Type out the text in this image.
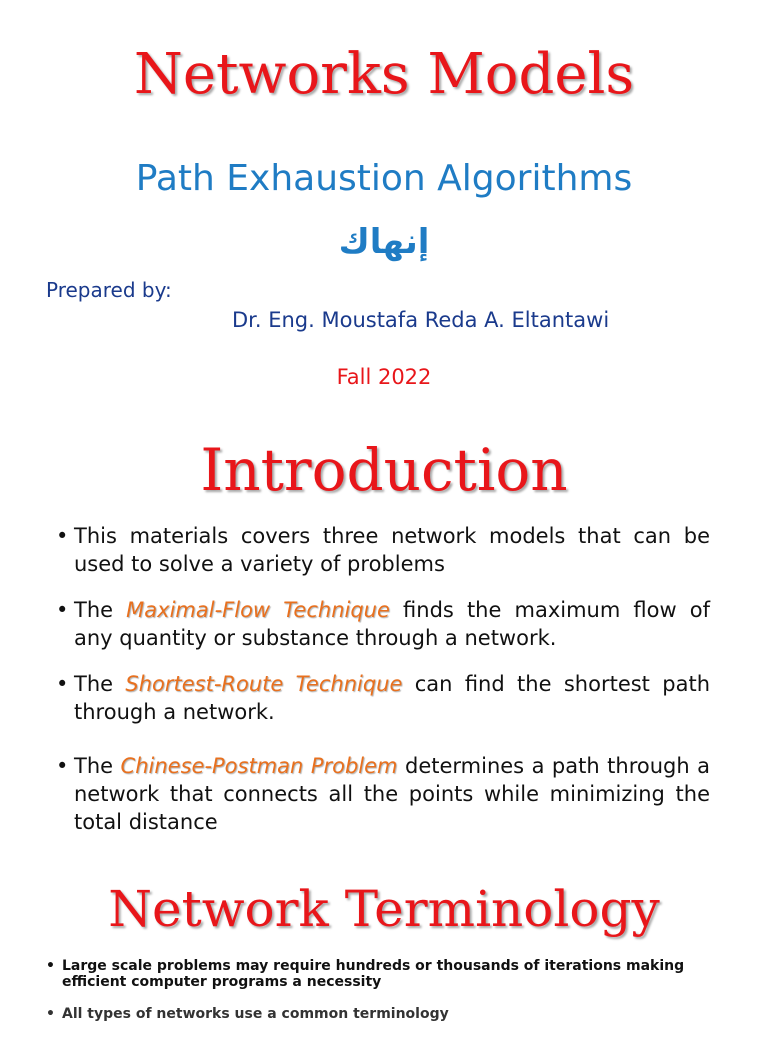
Networks Models
Path Exhaustion Algorithms
إنهاك
Prepared by:
Dr. Eng. Moustafa Reda A. Eltantawi
Fall 2022
Introduction
• This materials covers three network models that can be used to solve a variety of problems
• The Maximal-Flow Technique finds the maximum flow of any quantity or substance through a network.
• The Shortest-Route Technique can find the shortest path through a network.
• The Chinese-Postman Problem determines a path through a network that connects all the points while minimizing the total distance
Network Terminology
• Large scale problems may require hundreds or thousands of iterations making efficient computer programs a necessity
• All types of networks use a common terminology
